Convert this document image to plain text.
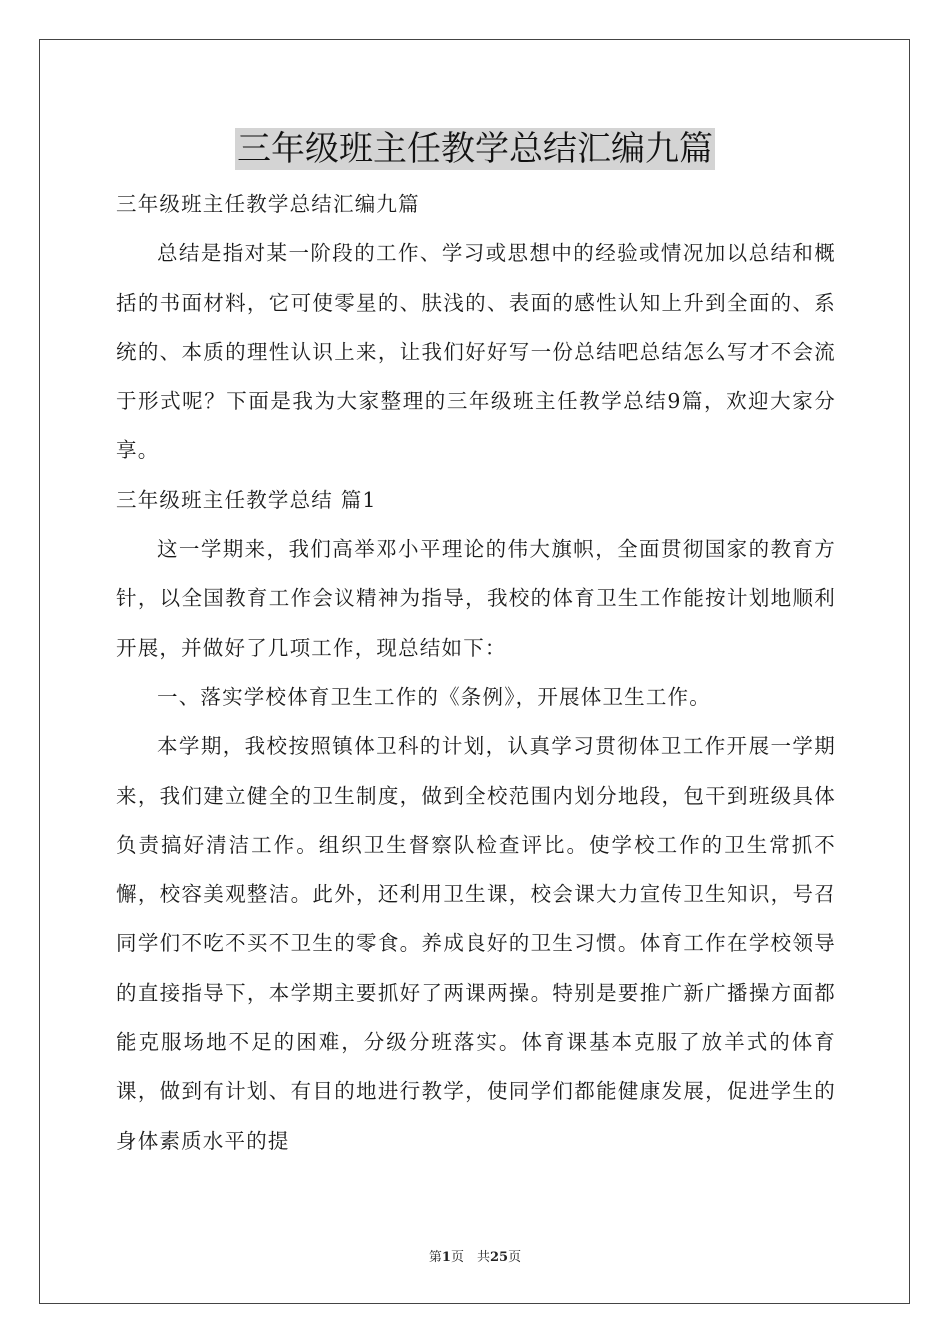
三年级班主任教学总结汇编九篇

三年级班主任教学总结汇编九篇

总结是指对某一阶段的工作、学习或思想中的经验或情况加以总结和概括的书面材料，它可使零星的、肤浅的、表面的感性认知上升到全面的、系统的、本质的理性认识上来，让我们好好写一份总结吧总结怎么写才不会流于形式呢？下面是我为大家整理的三年级班主任教学总结9篇，欢迎大家分享。

三年级班主任教学总结 篇1

这一学期来，我们高举邓小平理论的伟大旗帜，全面贯彻国家的教育方针，以全国教育工作会议精神为指导，我校的体育卫生工作能按计划地顺利开展，并做好了几项工作，现总结如下：

一、落实学校体育卫生工作的《条例》，开展体卫生工作。

本学期，我校按照镇体卫科的计划，认真学习贯彻体卫工作开展一学期来，我们建立健全的卫生制度，做到全校范围内划分地段，包干到班级具体负责搞好清洁工作。组织卫生督察队检查评比。使学校工作的卫生常抓不懈，校容美观整洁。此外，还利用卫生课，校会课大力宣传卫生知识，号召同学们不吃不买不卫生的零食。养成良好的卫生习惯。体育工作在学校领导的直接指导下，本学期主要抓好了两课两操。特别是要推广新广播操方面都能克服场地不足的困难，分级分班落实。体育课基本克服了放羊式的体育课，做到有计划、有目的地进行教学，使同学们都能健康发展，促进学生的身体素质水平的提

第1页　共25页
